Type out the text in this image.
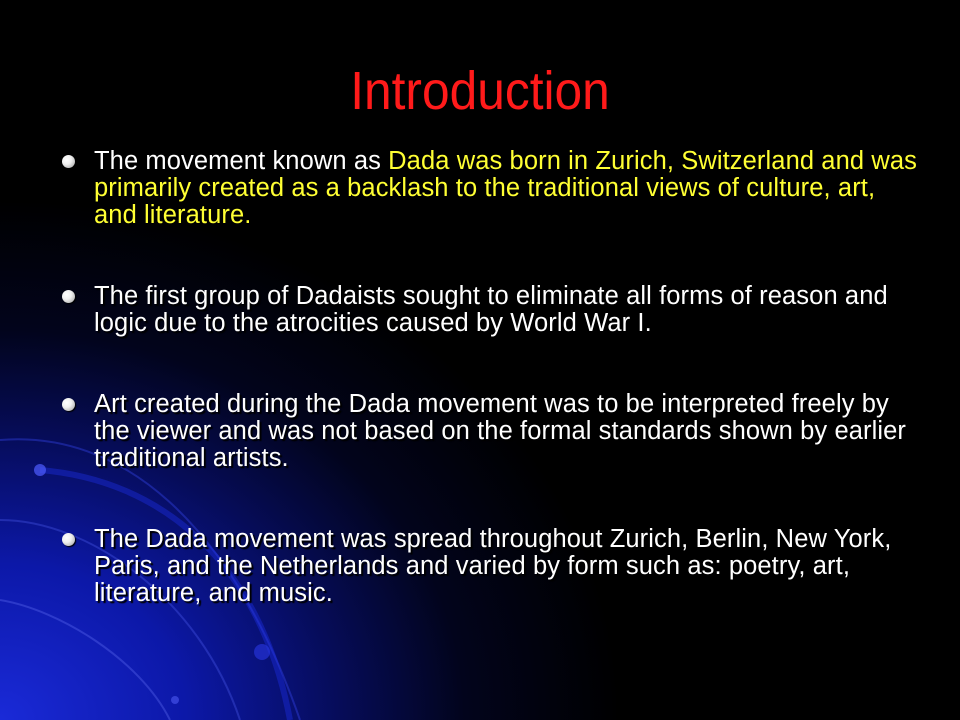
Introduction
The movement known as Dada was born in Zurich, Switzerland and was primarily created as a backlash to the traditional views of culture, art, and literature.
The first group of Dadaists sought to eliminate all forms of reason and logic due to the atrocities caused by World War I.
Art created during the Dada movement was to be interpreted freely by the viewer and was not based on the formal standards shown by earlier traditional artists.
The Dada movement was spread throughout Zurich, Berlin, New York, Paris, and the Netherlands and varied by form such as: poetry, art, literature, and music.
